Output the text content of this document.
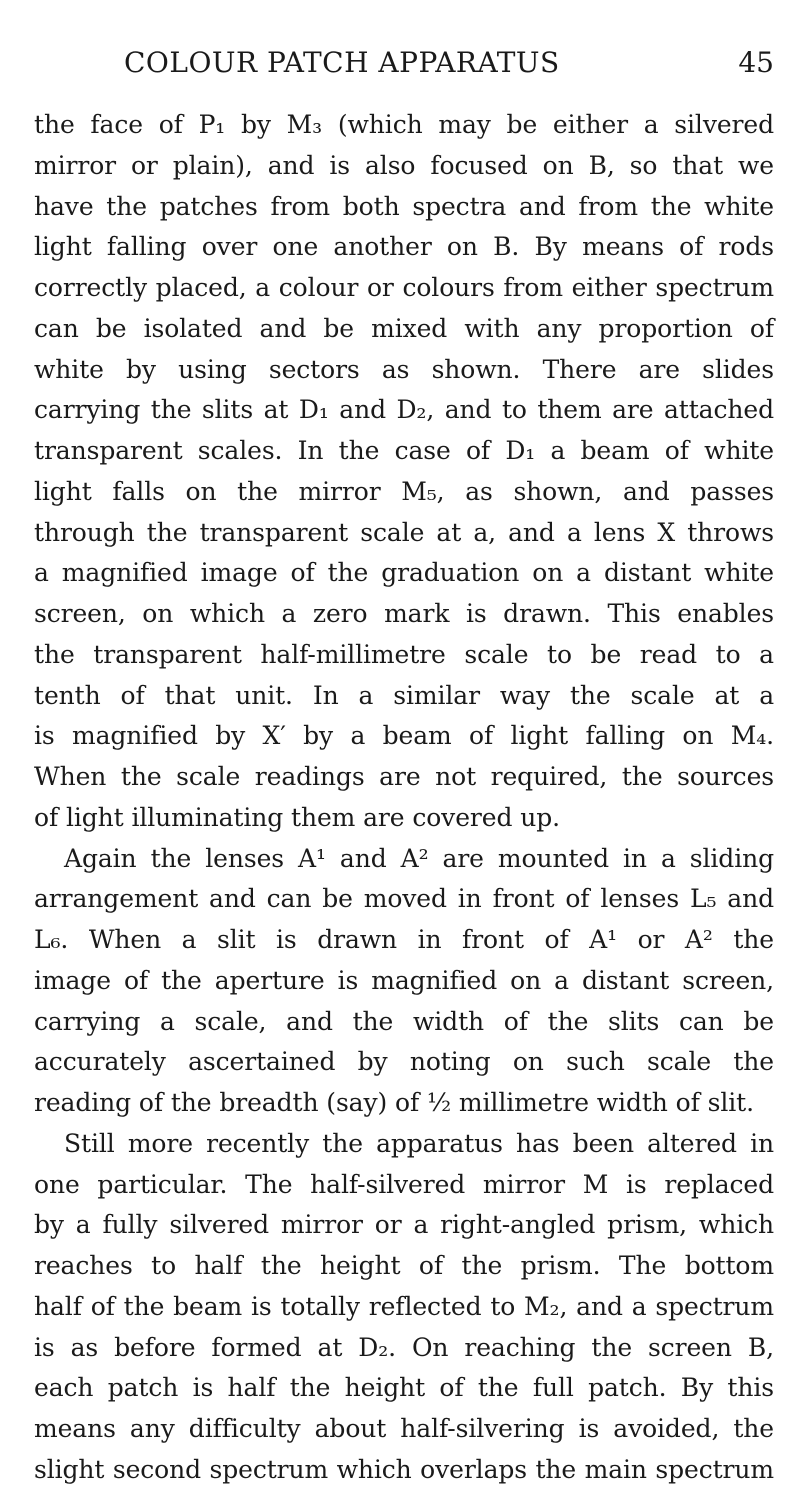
COLOUR PATCH APPARATUS	45
the face of P₁ by M₃ (which may be either a silvered
mirror or plain), and is also focused on B, so that we
have the patches from both spectra and from the white
light falling over one another on B. By means of rods
correctly placed, a colour or colours from either spectrum
can be isolated and be mixed with any proportion of
white by using sectors as shown. There are slides
carrying the slits at D₁ and D₂, and to them are attached
transparent scales. In the case of D₁ a beam of white
light falls on the mirror M₅, as shown, and passes
through the transparent scale at a, and a lens X throws
a magnified image of the graduation on a distant white
screen, on which a zero mark is drawn. This enables
the transparent half-millimetre scale to be read to a
tenth of that unit. In a similar way the scale at a
is magnified by X′ by a beam of light falling on M₄.
When the scale readings are not required, the sources
of light illuminating them are covered up.
Again the lenses A¹ and A² are mounted in a sliding
arrangement and can be moved in front of lenses L₅ and
L₆. When a slit is drawn in front of A¹ or A² the
image of the aperture is magnified on a distant screen,
carrying a scale, and the width of the slits can be
accurately ascertained by noting on such scale the
reading of the breadth (say) of ½ millimetre width of slit.
Still more recently the apparatus has been altered in
one particular. The half-silvered mirror M is replaced
by a fully silvered mirror or a right-angled prism, which
reaches to half the height of the prism. The bottom
half of the beam is totally reflected to M₂, and a spectrum
is as before formed at D₂. On reaching the screen B,
each patch is half the height of the full patch. By this
means any difficulty about half-silvering is avoided, the
slight second spectrum which overlaps the main spectrum
